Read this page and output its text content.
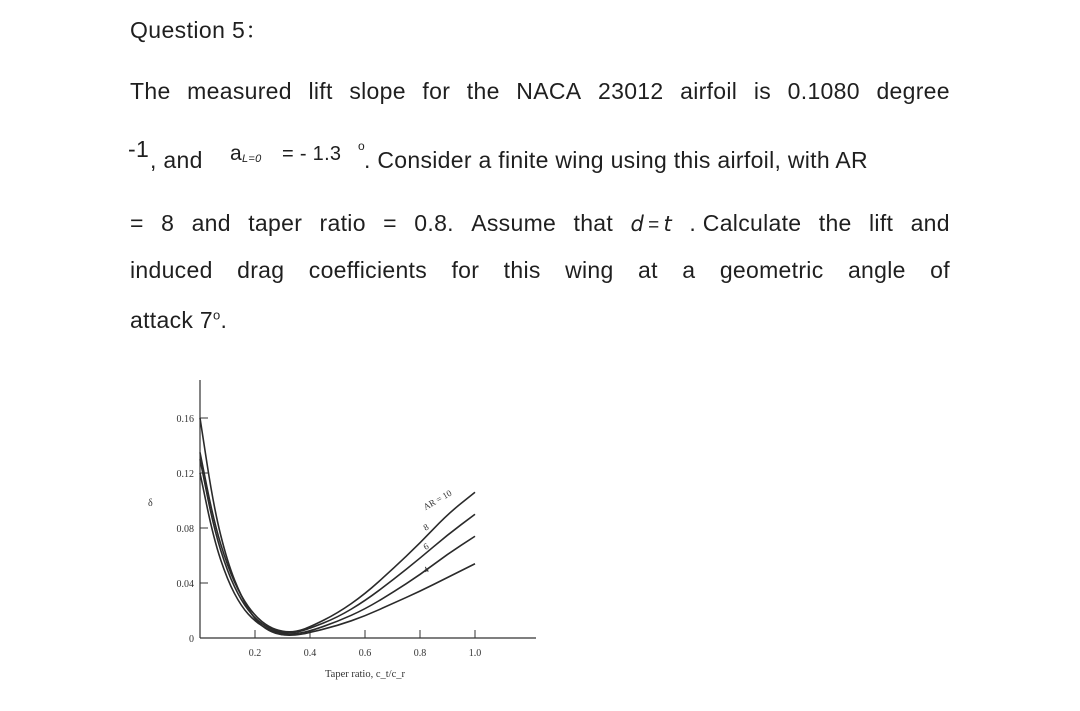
Question 5：
The measured lift slope for the NACA 23012 airfoil is 0.1080 degree
-1 , and a L=0 = - 1.3 o
. Consider a finite wing using this airfoil, with AR
= 8 and taper ratio = 0.8. Assume that d = t . Calculate the lift and
induced drag coefficients for this wing at a geometric angle of
attack 7$^o$.
0
0.04
0.08
0.12
0.16
0.2	0.4	0.6	0.8	1.0
δ
Taper ratio, c_t/c_r
AR = 10
8
6
4
